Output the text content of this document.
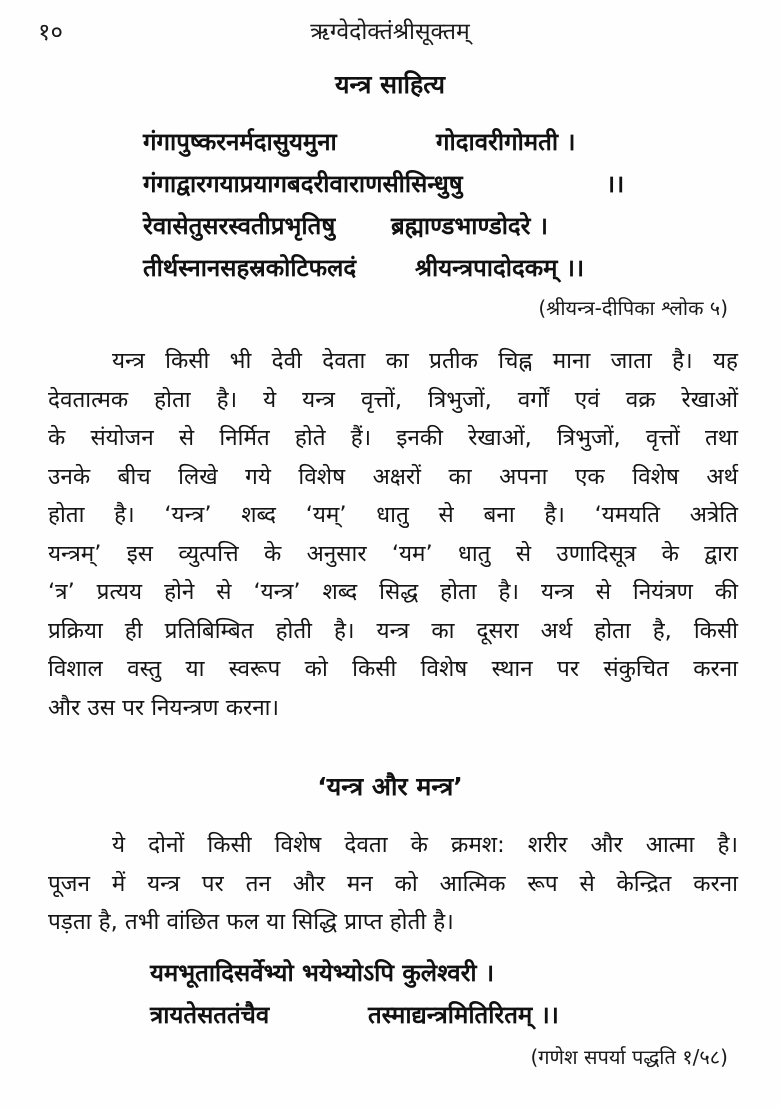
१०	ऋग्वेदोक्तंश्रीसूक्तम्
यन्त्र साहित्य
गंगापुष्करनर्मदासुयमुना	गोदावरीगोमती ।
गंगाद्वारगयाप्रयागबदरीवाराणसीसिन्धुषु	।।
रेवासेतुसरस्वतीप्रभृतिषु ब्रह्माण्डभाण्डोदरे ।
तीर्थस्नानसहस्रकोटिफलदं श्रीयन्त्रपादोदकम् ।।
(श्रीयन्त्र-दीपिका श्लोक ५)
यन्त्र किसी भी देवी देवता का प्रतीक चिह्न माना जाता है। यह
देवतात्मक होता है। ये यन्त्र वृत्तों, त्रिभुजों, वर्गों एवं वक्र रेखाओं
के संयोजन से निर्मित होते हैं। इनकी रेखाओं, त्रिभुजों, वृत्तों तथा
उनके बीच लिखे गये विशेष अक्षरों का अपना एक विशेष अर्थ
होता है। ‘यन्त्र’ शब्द ‘यम्’ धातु से बना है। ‘यमयति अत्रेति
यन्त्रम्’ इस व्युत्पत्ति के अनुसार ‘यम’ धातु से उणादिसूत्र के द्वारा
‘त्र’ प्रत्यय होने से ‘यन्त्र’ शब्द सिद्ध होता है। यन्त्र से नियंत्रण की
प्रक्रिया ही प्रतिबिम्बित होती है। यन्त्र का दूसरा अर्थ होता है, किसी
विशाल वस्तु या स्वरूप को किसी विशेष स्थान पर संकुचित करना
और उस पर नियन्त्रण करना।
‘यन्त्र और मन्त्र’
ये दोनों किसी विशेष देवता के क्रमश: शरीर और आत्मा है।
पूजन में यन्त्र पर तन और मन को आत्मिक रूप से केन्द्रित करना
पड़ता है, तभी वांछित फल या सिद्धि प्राप्त होती है।
यमभूतादिसर्वेभ्यो भयेभ्योऽपि कुलेश्वरी ।
त्रायतेसततंचैव	तस्माद्यन्त्रमितिरितम् ।।
(गणेश सपर्या पद्धति १/५८)
